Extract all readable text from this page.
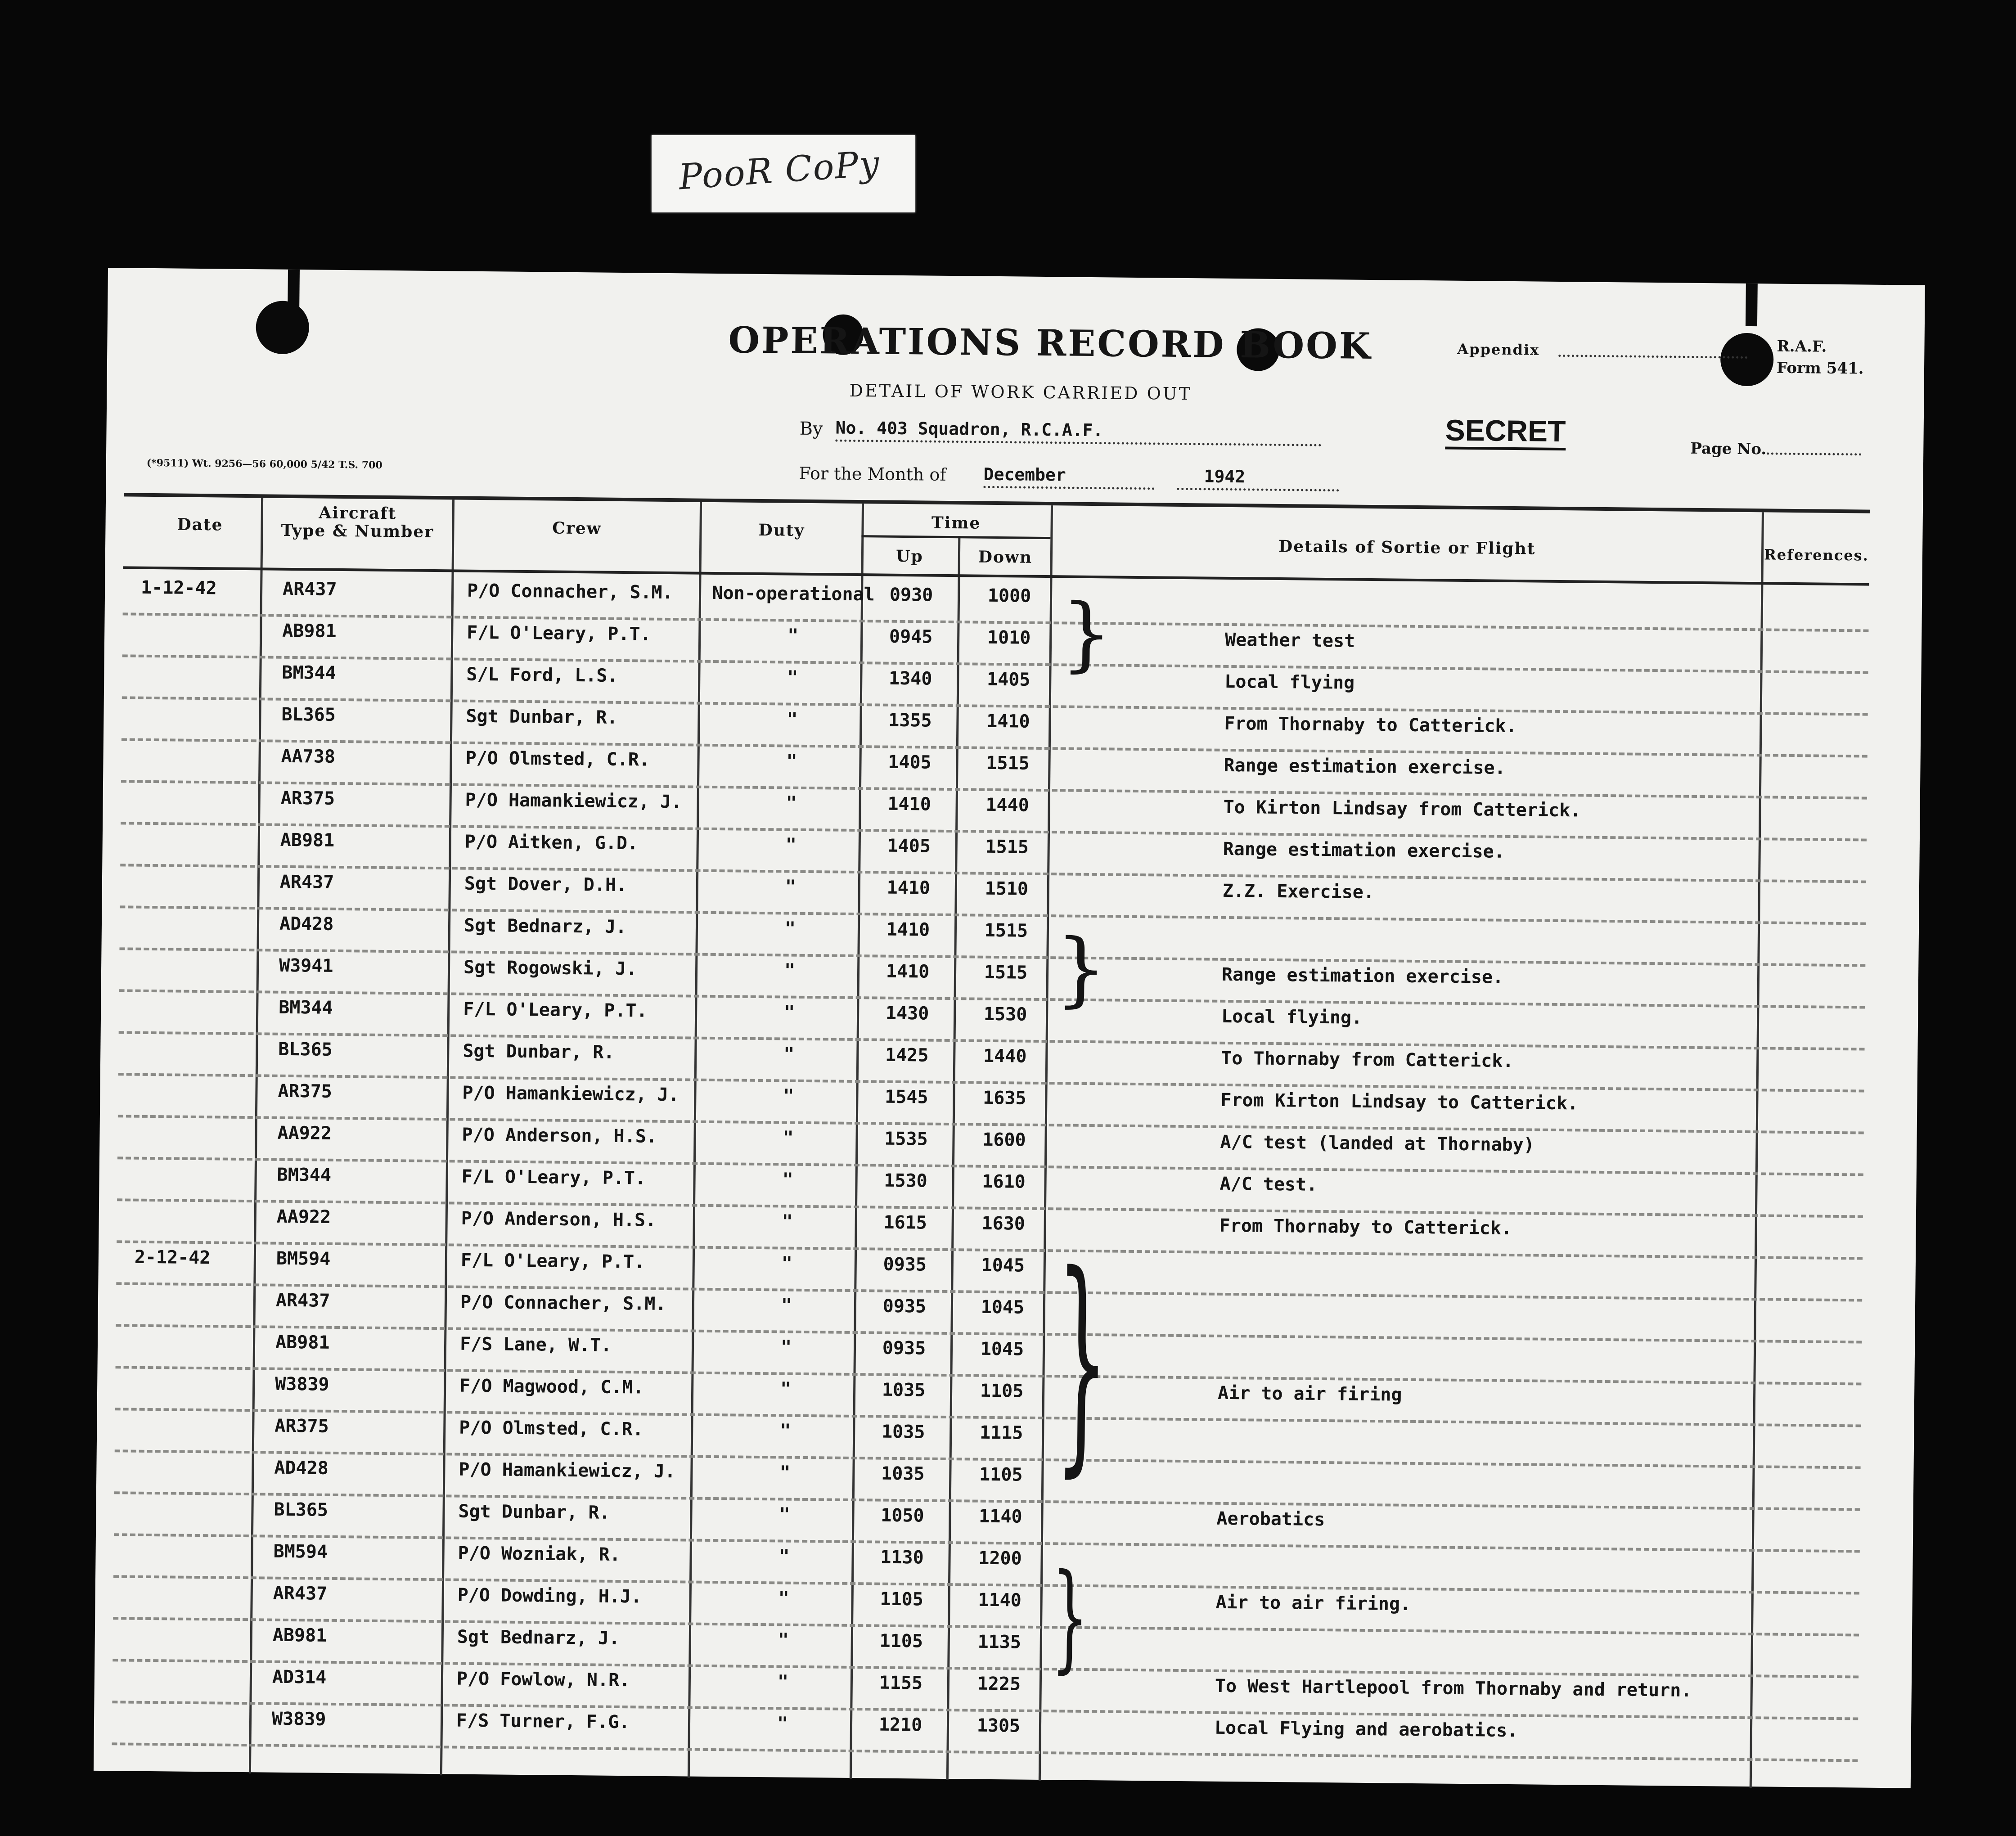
PooR CoPy
OPERATIONS RECORD BOOK
DETAIL OF WORK CARRIED OUT
By No. 403 Squadron, R.C.A.F.
For the Month of December	1942
Appendix	R.A.F.
Form 541.
SECRET
Page No.
(*9511) Wt. 9256—56 60,000 5/42 T.S. 700
Date
Aircraft
Type & Number	Crew	Duty	Time
Up	Down	Details of Sortie or Flight	References.
1-12-42	AR437	P/O Connacher, S.M.	Non-operational 0930	1000
AB981	F/L O'Leary, P.T.	"	0945	1010	Weather test
BM344	S/L Ford, L.S.	"	1340	1405	Local flying
BL365	Sgt Dunbar, R.	"	1355	1410	From Thornaby to Catterick.
AA738	P/O Olmsted, C.R.	"	1405	1515	Range estimation exercise.
AR375	P/O Hamankiewicz, J.	"	1410	1440	To Kirton Lindsay from Catterick.
AB981	P/O Aitken, G.D.	"	1405	1515	Range estimation exercise.
AR437	Sgt Dover, D.H.	"	1410	1510	Z.Z. Exercise.
AD428	Sgt Bednarz, J.	"	1410	1515
W3941	Sgt Rogowski, J.	"	1410	1515	Range estimation exercise.
BM344	F/L O'Leary, P.T.	"	1430	1530	Local flying.
BL365	Sgt Dunbar, R.	"	1425	1440	To Thornaby from Catterick.
AR375	P/O Hamankiewicz, J.	"	1545	1635	From Kirton Lindsay to Catterick.
AA922	P/O Anderson, H.S.	"	1535	1600	A/C test (landed at Thornaby)
BM344	F/L O'Leary, P.T.	"	1530	1610	A/C test.
AA922	P/O Anderson, H.S.	"	1615	1630	From Thornaby to Catterick.
2-12-42	BM594	F/L O'Leary, P.T.	"	0935	1045
AR437	P/O Connacher, S.M.	"	0935	1045
AB981	F/S Lane, W.T.	"	0935	1045
W3839	F/O Magwood, C.M.	"	1035	1105	Air to air firing
AR375	P/O Olmsted, C.R.	"	1035	1115
AD428	P/O Hamankiewicz, J.	"	1035	1105
BL365	Sgt Dunbar, R.	"	1050	1140	Aerobatics
BM594	P/O Wozniak, R.	"	1130	1200
AR437	P/O Dowding, H.J.	"	1105	1140	Air to air firing.
AB981	Sgt Bednarz, J.	"	1105	1135
AD314	P/O Fowlow, N.R.	"	1155	1225	To West Hartlepool from Thornaby and return.
W3839	F/S Turner, F.G.	"	1210	1305	Local Flying and aerobatics.
}
}
}
}
